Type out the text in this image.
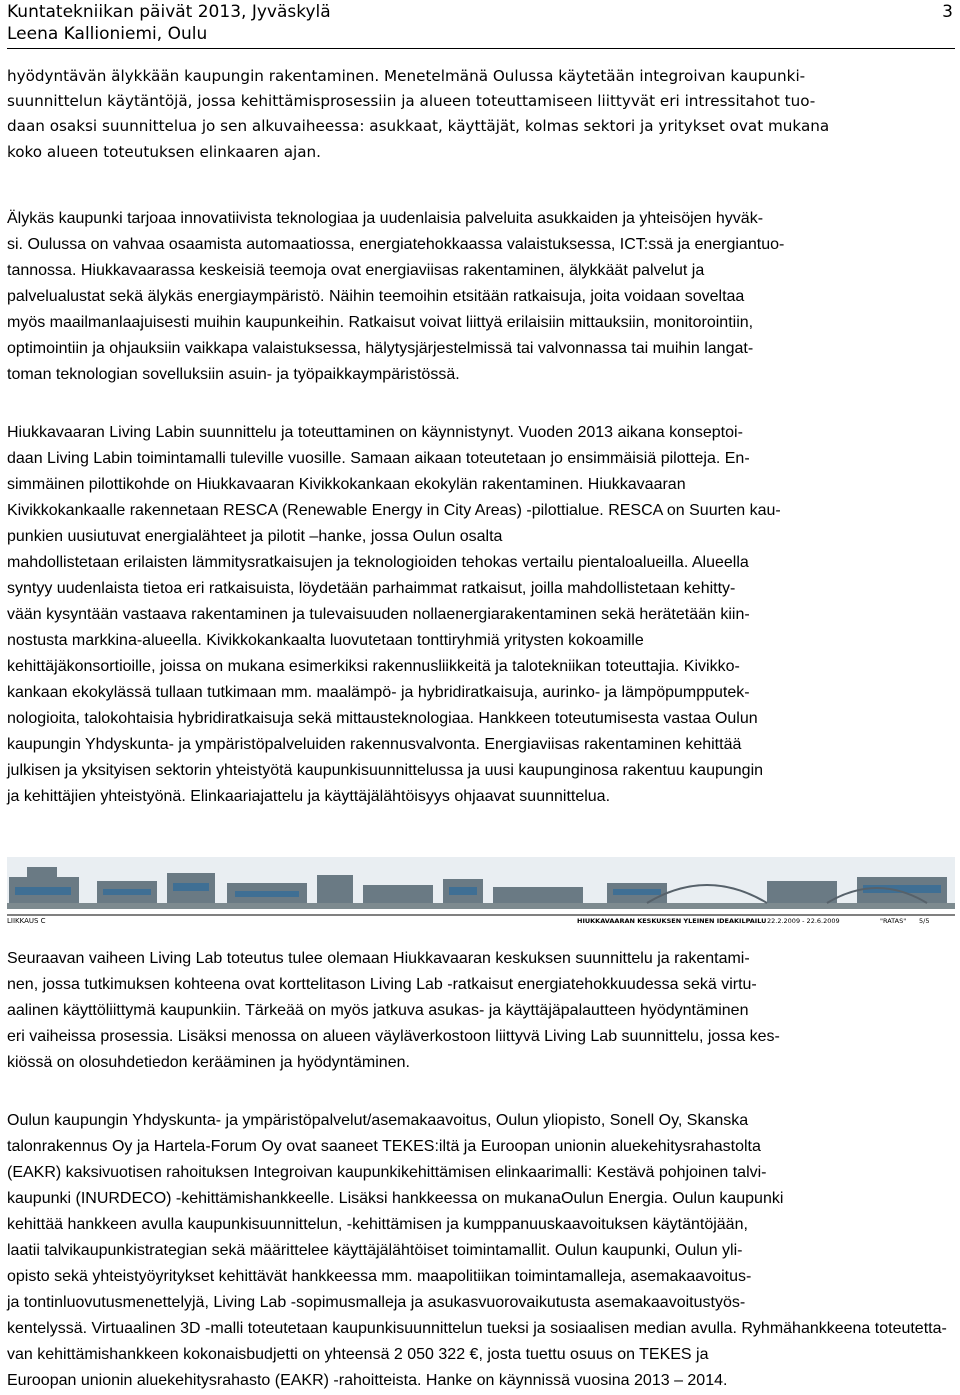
Kuntatekniikan päivät 2013, Jyväskylä
Leena Kallioniemi, Oulu
3
hyödyntävän älykkään kaupungin rakentaminen. Menetelmänä Oulussa käytetään integroivan kaupunki-
suunnittelun käytäntöjä, jossa kehittämisprosessiin ja alueen toteuttamiseen liittyvät eri intressitahot tuo-
daan osaksi suunnittelua jo sen alkuvaiheessa: asukkaat, käyttäjät, kolmas sektori ja yritykset ovat mukana
koko alueen toteutuksen elinkaaren ajan.
Älykäs kaupunki tarjoaa innovatiivista teknologiaa ja uudenlaisia palveluita asukkaiden ja yhteisöjen hyväk-
si. Oulussa on vahvaa osaamista automaatiossa, energiatehokkaassa valaistuksessa, ICT:ssä ja energiantuo-
tannossa. Hiukkavaarassa keskeisiä teemoja ovat energiaviisas rakentaminen, älykkäät palvelut ja
palvelualustat sekä älykäs energiaympäristö. Näihin teemoihin etsitään ratkaisuja, joita voidaan soveltaa
myös maailmanlaajuisesti muihin kaupunkeihin. Ratkaisut voivat liittyä erilaisiin mittauksiin, monitorointiin,
optimointiin ja ohjauksiin vaikkapa valaistuksessa, hälytysjärjestelmissä tai valvonnassa tai muihin langat-
toman teknologian sovelluksiin asuin- ja työpaikkaympäristössä.
Hiukkavaaran Living Labin suunnittelu ja toteuttaminen on käynnistynyt. Vuoden 2013 aikana konseptoi-
daan Living Labin toimintamalli tuleville vuosille. Samaan aikaan toteutetaan jo ensimmäisiä pilotteja. En-
simmäinen pilottikohde on Hiukkavaaran Kivikkokankaan ekokylän rakentaminen. Hiukkavaaran
Kivikkokankaalle rakennetaan RESCA (Renewable Energy in City Areas) -pilottialue. RESCA on Suurten kau-
punkien uusiutuvat energialähteet ja pilotit –hanke, jossa Oulun osalta
mahdollistetaan erilaisten lämmitysratkaisujen ja teknologioiden tehokas vertailu pientaloalueilla. Alueella
syntyy uudenlaista tietoa eri ratkaisuista, löydetään parhaimmat ratkaisut, joilla mahdollistetaan kehitty-
vään kysyntään vastaava rakentaminen ja tulevaisuuden nollaenergiarakentaminen sekä herätetään kiin-
nostusta markkina-alueella. Kivikkokankaalta luovutetaan tonttiryhmiä yritysten kokoamille
kehittäjäkonsortioille, joissa on mukana esimerkiksi rakennusliikkeitä ja talotekniikan toteuttajia. Kivikko-
kankaan ekokylässä tullaan tutkimaan mm. maalämpö- ja hybridiratkaisuja, aurinko- ja lämpöpumpputek-
nologioita, talokohtaisia hybridiratkaisuja sekä mittausteknologiaa. Hankkeen toteutumisesta vastaa Oulun
kaupungin Yhdyskunta- ja ympäristöpalveluiden rakennusvalvonta. Energiaviisas rakentaminen kehittää
julkisen ja yksityisen sektorin yhteistyötä kaupunkisuunnittelussa ja uusi kaupunginosa rakentuu kaupungin
ja kehittäjien yhteistyönä. Elinkaariajattelu ja käyttäjälähtöisyys ohjaavat suunnittelua.
LIIKKAUS C	HIUKKAVAARAN KESKUKSEN YLEINEN IDEAKILPAILU 22.2.2009 - 22.6.2009	"RATAS" 5/5
Seuraavan vaiheen Living Lab toteutus tulee olemaan Hiukkavaaran keskuksen suunnittelu ja rakentami-
nen, jossa tutkimuksen kohteena ovat korttelitason Living Lab -ratkaisut energiatehokkuudessa sekä virtu-
aalinen käyttöliittymä kaupunkiin. Tärkeää on myös jatkuva asukas- ja käyttäjäpalautteen hyödyntäminen
eri vaiheissa prosessia. Lisäksi menossa on alueen väyläverkostoon liittyvä Living Lab suunnittelu, jossa kes-
kiössä on olosuhdetiedon kerääminen ja hyödyntäminen.
Oulun kaupungin Yhdyskunta- ja ympäristöpalvelut/asemakaavoitus, Oulun yliopisto, Sonell Oy, Skanska
talonrakennus Oy ja Hartela-Forum Oy ovat saaneet TEKES:iltä ja Euroopan unionin aluekehitysrahastolta
(EAKR) kaksivuotisen rahoituksen Integroivan kaupunkikehittämisen elinkaarimalli: Kestävä pohjoinen talvi-
kaupunki (INURDECO) -kehittämishankkeelle. Lisäksi hankkeessa on mukanaOulun Energia. Oulun kaupunki
kehittää hankkeen avulla kaupunkisuunnittelun, -kehittämisen ja kumppanuuskaavoituksen käytäntöjään,
laatii talvikaupunkistrategian sekä määrittelee käyttäjälähtöiset toimintamallit. Oulun kaupunki, Oulun yli-
opisto sekä yhteistyöyritykset kehittävät hankkeessa mm. maapolitiikan toimintamalleja, asemakaavoitus-
ja tontinluovutusmenettelyjä, Living Lab -sopimusmalleja ja asukasvuorovaikutusta asemakaavoitustyös-
kentelyssä. Virtuaalinen 3D -malli toteutetaan kaupunkisuunnittelun tueksi ja sosiaalisen median avulla. Ryhmähankkeena toteutetta-
van kehittämishankkeen kokonaisbudjetti on yhteensä 2 050 322 €, josta tuettu osuus on TEKES ja
Euroopan unionin aluekehitysrahasto (EAKR) -rahoitteista. Hanke on käynnissä vuosina 2013 – 2014.
